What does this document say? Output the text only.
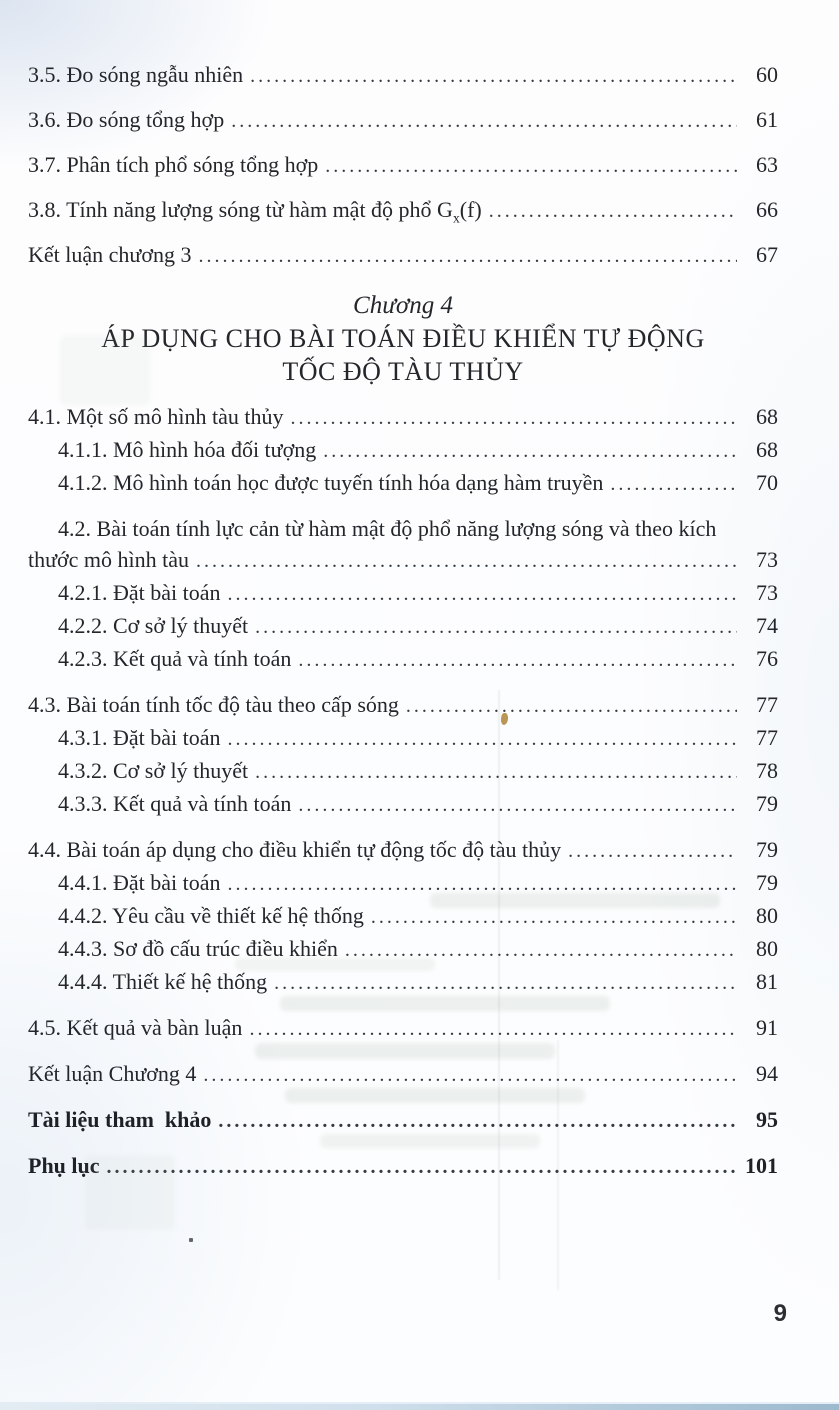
3.5. Đo sóng ngẫu nhiên .....	60
3.6. Đo sóng tổng hợp .....	61
3.7. Phân tích phổ sóng tổng hợp .....	63
3.8. Tính năng lượng sóng từ hàm mật độ phổ $G_x(f)$ .....	66
Kết luận chương 3 .....	67
Chương 4
ÁP DỤNG CHO BÀI TOÁN ĐIỀU KHIỂN TỰ ĐỘNG
TỐC ĐỘ TÀU THỦY
4.1. Một số mô hình tàu thủy .....	68
4.1.1. Mô hình hóa đối tượng .....	68
4.1.2. Mô hình toán học được tuyến tính hóa dạng hàm truyền .....	70
4.2. Bài toán tính lực cản từ hàm mật độ phổ năng lượng sóng và theo kích
thước mô hình tàu .....	73
4.2.1. Đặt bài toán .....	73
4.2.2. Cơ sở lý thuyết .....	74
4.2.3. Kết quả và tính toán .....	76
4.3. Bài toán tính tốc độ tàu theo cấp sóng .....	77
4.3.1. Đặt bài toán .....	77
4.3.2. Cơ sở lý thuyết .....	78
4.3.3. Kết quả và tính toán .....	79
4.4. Bài toán áp dụng cho điều khiển tự động tốc độ tàu thủy .....	79
4.4.1. Đặt bài toán .....	79
4.4.2. Yêu cầu về thiết kế hệ thống .....	80
4.4.3. Sơ đồ cấu trúc điều khiển .....	80
4.4.4. Thiết kế hệ thống .....	81
4.5. Kết quả và bàn luận .....	91
Kết luận Chương 4 .....	94
Tài liệu tham  khảo .....	95
Phụ lục .....	101
9
